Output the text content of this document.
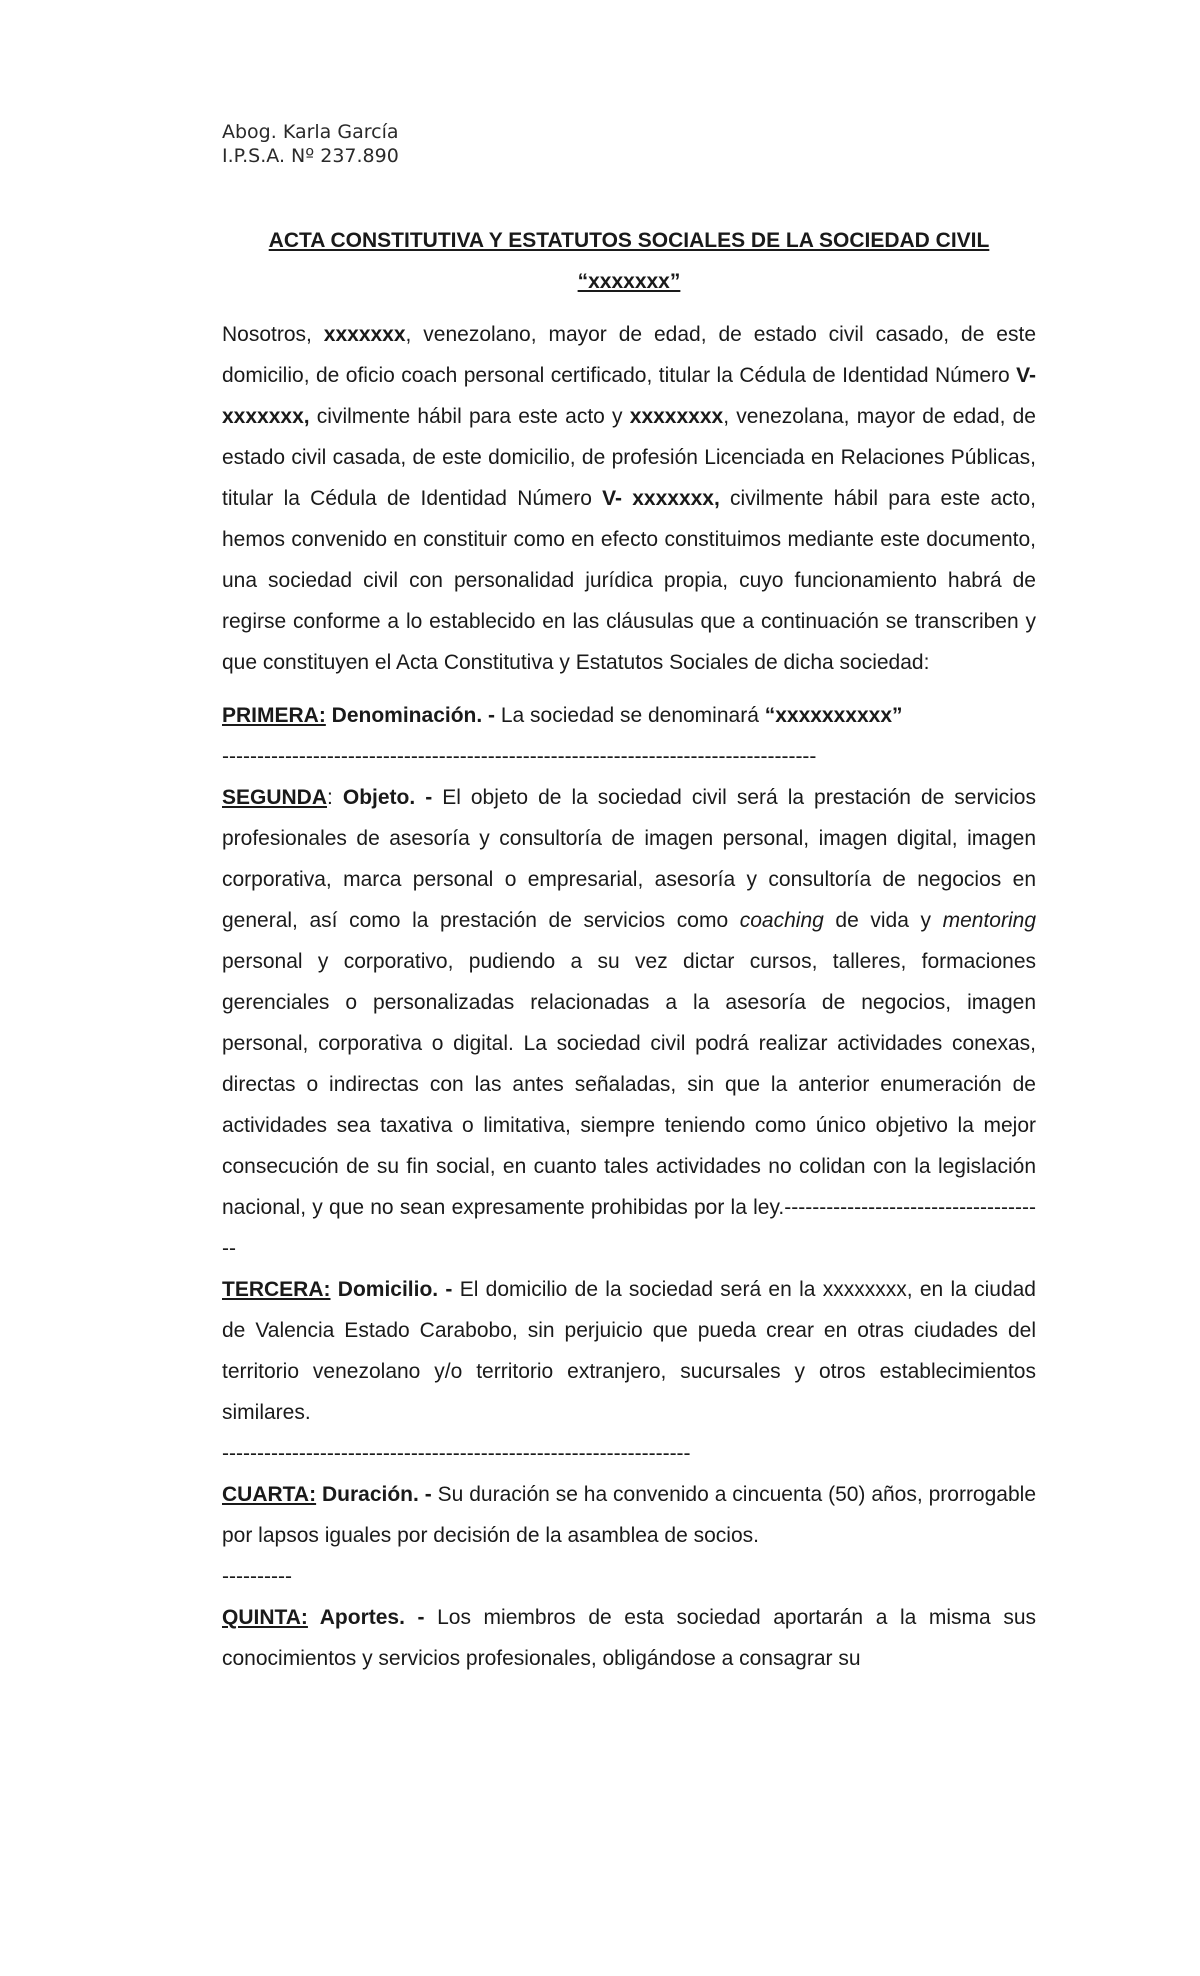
Abog. Karla García
I.P.S.A. Nº 237.890
ACTA CONSTITUTIVA Y ESTATUTOS SOCIALES DE LA SOCIEDAD CIVIL
“xxxxxxx”

Nosotros, xxxxxxx, venezolano, mayor de edad, de estado civil casado, de este domicilio, de oficio coach personal certificado, titular la Cédula de Identidad Número V- xxxxxxx, civilmente hábil para este acto y xxxxxxxx, venezolana, mayor de edad, de estado civil casada, de este domicilio, de profesión Licenciada en Relaciones Públicas, titular la Cédula de Identidad Número V- xxxxxxx, civilmente hábil para este acto, hemos convenido en constituir como en efecto constituimos mediante este documento, una sociedad civil con personalidad jurídica propia, cuyo funcionamiento habrá de regirse conforme a lo establecido en las cláusulas que a continuación se transcriben y que constituyen el Acta Constitutiva y Estatutos Sociales de dicha sociedad:

PRIMERA: Denominación. - La sociedad se denominará “xxxxxxxxxx”
-------------------------------------------------------------------------------------

SEGUNDA: Objeto. - El objeto de la sociedad civil será la prestación de servicios profesionales de asesoría y consultoría de imagen personal, imagen digital, imagen corporativa, marca personal o empresarial, asesoría y consultoría de negocios en general, así como la prestación de servicios como coaching de vida y mentoring personal y corporativo, pudiendo a su vez dictar cursos, talleres, formaciones gerenciales o personalizadas relacionadas a la asesoría de negocios, imagen personal, corporativa o digital. La sociedad civil podrá realizar actividades conexas, directas o indirectas con las antes señaladas, sin que la anterior enumeración de actividades sea taxativa o limitativa, siempre teniendo como único objetivo la mejor consecución de su fin social, en cuanto tales actividades no colidan con la legislación nacional, y que no sean expresamente prohibidas por la ley.--------------------------------------

TERCERA: Domicilio. - El domicilio de la sociedad será en la xxxxxxxx, en la ciudad de Valencia Estado Carabobo, sin perjuicio que pueda crear en otras ciudades del territorio venezolano y/o territorio extranjero, sucursales y otros establecimientos similares.
-------------------------------------------------------------------

CUARTA: Duración. - Su duración se ha convenido a cincuenta (50) años, prorrogable por lapsos iguales por decisión de la asamblea de socios.
----------

QUINTA: Aportes. - Los miembros de esta sociedad aportarán a la misma sus conocimientos y servicios profesionales, obligándose a consagrar su
